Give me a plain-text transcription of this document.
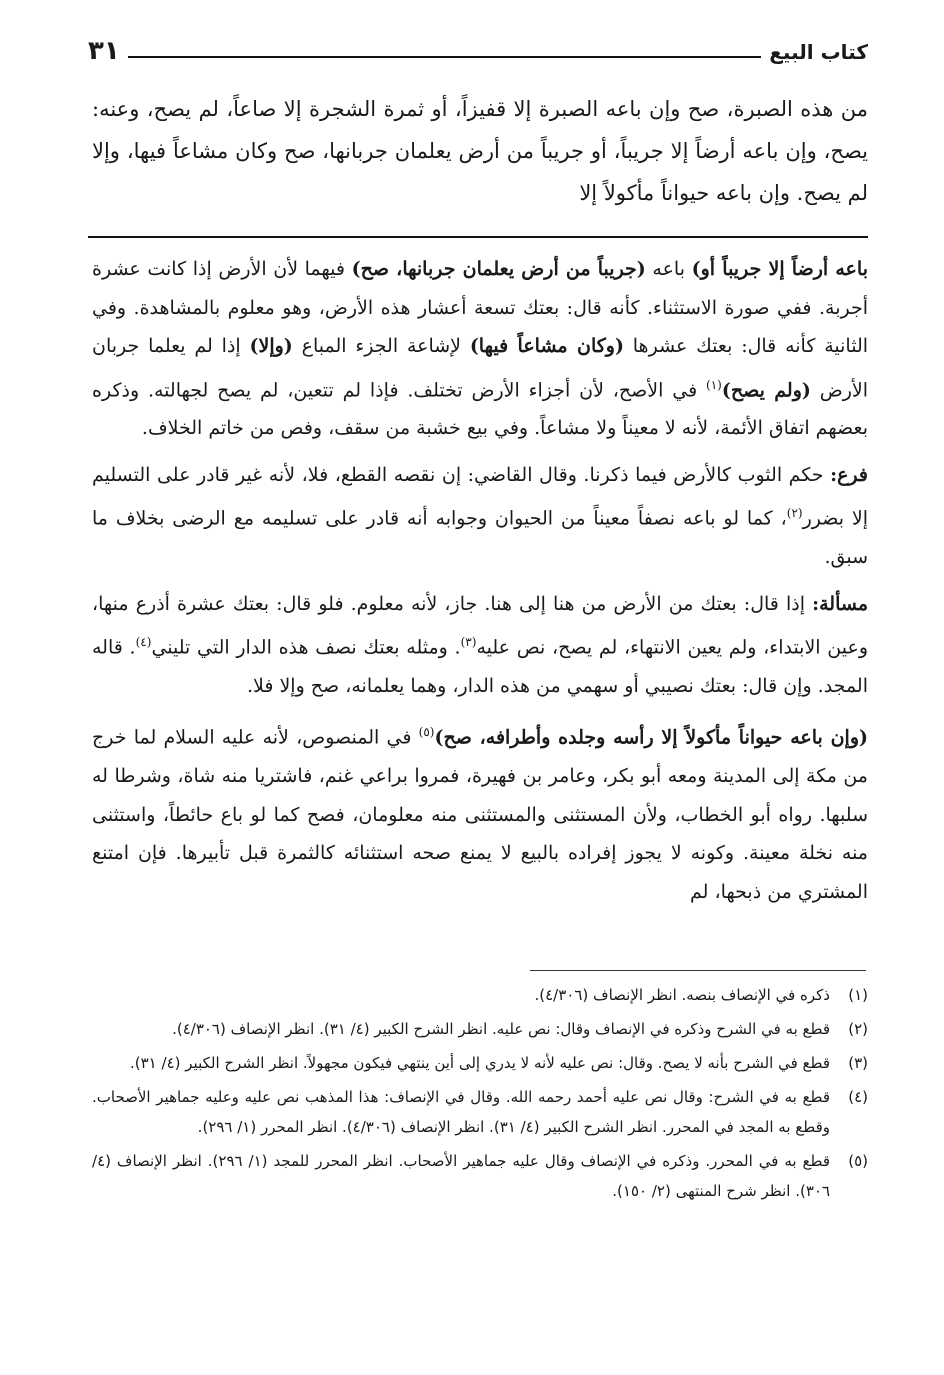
كتاب البيع
٣١
من هذه الصبرة، صح وإن باعه الصبرة إلا قفيزاً، أو ثمرة الشجرة إلا صاعاً، لم يصح، وعنه: يصح، وإن باعه أرضاً إلا جريباً، أو جريباً من أرض يعلمان جربانها، صح وكان مشاعاً فيها، وإلا لم يصح. وإن باعه حيواناً مأكولاً إلا

باعه أرضاً إلا جريباً أو) باعه (جريباً من أرض يعلمان جربانها، صح) فيهما لأن الأرض إذا كانت عشرة أجربة. ففي صورة الاستثناء. كأنه قال: بعتك تسعة أعشار هذه الأرض، وهو معلوم بالمشاهدة. وفي الثانية كأنه قال: بعتك عشرها (وكان مشاعاً فيها) لإشاعة الجزء المباع (وإلا) إذا لم يعلما جربان الأرض (ولم يصح)$^{(١)}$ في الأصح، لأن أجزاء الأرض تختلف. فإذا لم تتعين، لم يصح لجهالته. وذكره بعضهم اتفاق الأئمة، لأنه لا معيناً ولا مشاعاً. وفي بيع خشبة من سقف، وفص من خاتم الخلاف.

فرع: حكم الثوب كالأرض فيما ذكرنا. وقال القاضي: إن نقصه القطع، فلا، لأنه غير قادر على التسليم إلا بضرر$^{(٢)}$، كما لو باعه نصفاً معيناً من الحيوان وجوابه أنه قادر على تسليمه مع الرضى بخلاف ما سبق.

مسألة: إذا قال: بعتك من الأرض من هنا إلى هنا. جاز، لأنه معلوم. فلو قال: بعتك عشرة أذرع منها، وعين الابتداء، ولم يعين الانتهاء، لم يصح، نص عليه$^{(٣)}$. ومثله بعتك نصف هذه الدار التي تليني$^{(٤)}$. قاله المجد. وإن قال: بعتك نصيبي أو سهمي من هذه الدار، وهما يعلمانه، صح وإلا فلا.

(وإن باعه حيواناً مأكولاً إلا رأسه وجلده وأطرافه، صح)$^{(٥)}$ في المنصوص، لأنه عليه السلام لما خرج من مكة إلى المدينة ومعه أبو بكر، وعامر بن فهيرة، فمروا براعي غنم، فاشتريا منه شاة، وشرطا له سلبها. رواه أبو الخطاب، ولأن المستثنى والمستثنى منه معلومان، فصح كما لو باع حائطاً، واستثنى منه نخلة معينة. وكونه لا يجوز إفراده بالبيع لا يمنع صحه استثنائه كالثمرة قبل تأبيرها. فإن امتنع المشتري من ذبحها، لم

(١)
ذكره في الإنصاف بنصه. انظر الإنصاف (٤/٣٠٦).
(٢)
قطع به في الشرح وذكره في الإنصاف وقال: نص عليه. انظر الشرح الكبير (٤/ ٣١). انظر الإنصاف (٤/٣٠٦).
(٣)
قطع في الشرح بأنه لا يصح. وقال: نص عليه لأنه لا يدري إلى أين ينتهي فيكون مجهولاً. انظر الشرح الكبير (٤/ ٣١).
(٤)
قطع به في الشرح: وقال نص عليه أحمد رحمه الله. وقال في الإنصاف: هذا المذهب نص عليه وعليه جماهير الأصحاب. وقطع به المجد في المحرر. انظر الشرح الكبير (٤/ ٣١). انظر الإنصاف (٤/٣٠٦). انظر المحرر (١/ ٢٩٦).
(٥)
قطع به في المحرر. وذكره في الإنصاف وقال عليه جماهير الأصحاب. انظر المحرر للمجد (١/ ٢٩٦). انظر الإنصاف (٤/ ٣٠٦). انظر شرح المنتهى (٢/ ١٥٠).
